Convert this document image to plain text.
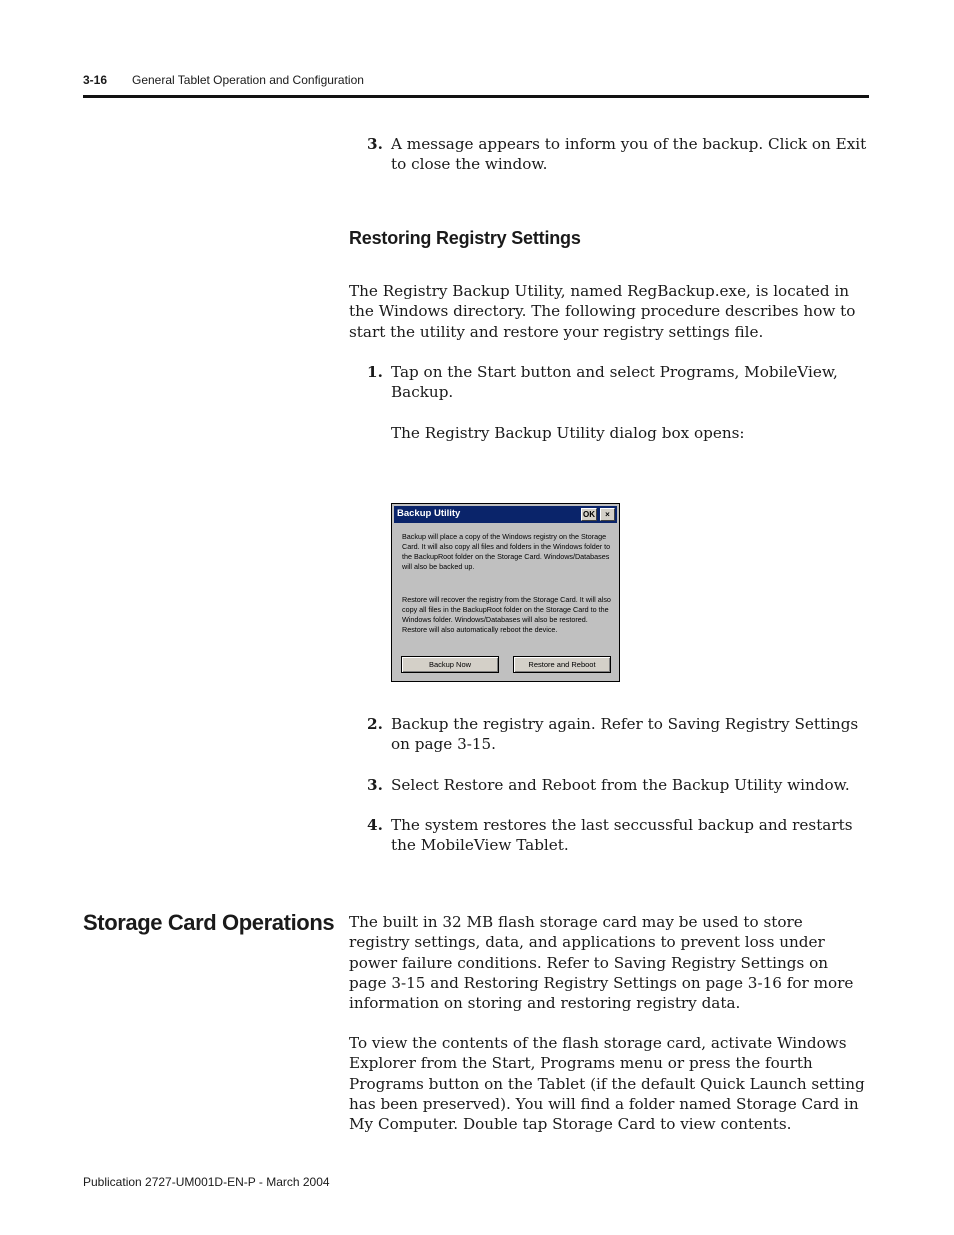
3-16 General Tablet Operation and Configuration
3. A message appears to inform you of the backup. Click on Exit to close the window.
Restoring Registry Settings
The Registry Backup Utility, named RegBackup.exe, is located in the Windows directory. The following procedure describes how to start the utility and restore your registry settings file.
1. Tap on the Start button and select Programs, MobileView, Backup.
The Registry Backup Utility dialog box opens:
Backup Utility	OK	×
Backup will place a copy of the Windows registry on the Storage Card. It will also copy all files and folders in the Windows folder to the BackupRoot folder on the Storage Card. Windows/Databases will also be backed up.
Restore will recover the registry from the Storage Card. It will also copy all files in the BackupRoot folder on the Storage Card to the Windows folder. Windows/Databases will also be restored. Restore will also automatically reboot the device.
Backup Now	Restore and Reboot
2. Backup the registry again. Refer to Saving Registry Settings on page 3-15.
3. Select Restore and Reboot from the Backup Utility window.
4. The system restores the last seccussful backup and restarts the MobileView Tablet.
Storage Card Operations The built in 32 MB flash storage card may be used to store registry settings, data, and applications to prevent loss under power failure conditions. Refer to Saving Registry Settings on page 3-15 and Restoring Registry Settings on page 3-16 for more information on storing and restoring registry data.
To view the contents of the flash storage card, activate Windows Explorer from the Start, Programs menu or press the fourth Programs button on the Tablet (if the default Quick Launch setting has been preserved). You will find a folder named Storage Card in My Computer. Double tap Storage Card to view contents.
Publication 2727-UM001D-EN-P - March 2004
